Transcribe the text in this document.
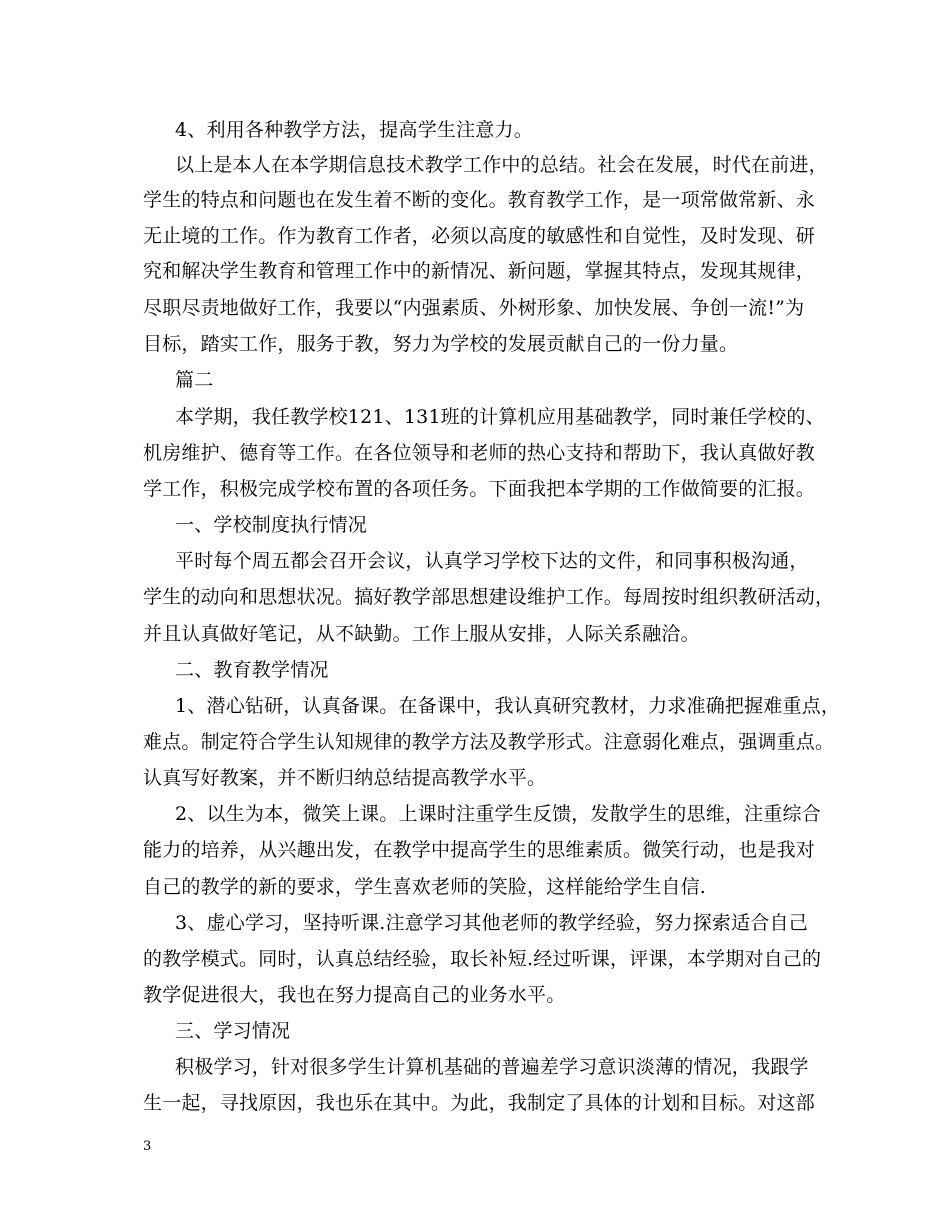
4、利用各种教学方法，提高学生注意力。
以上是本人在本学期信息技术教学工作中的总结。社会在发展，时代在前进，
学生的特点和问题也在发生着不断的变化。教育教学工作，是一项常做常新、永
无止境的工作。作为教育工作者，必须以高度的敏感性和自觉性，及时发现、研
究和解决学生教育和管理工作中的新情况、新问题，掌握其特点，发现其规律，
尽职尽责地做好工作，我要以“内强素质、外树形象、加快发展、争创一流!”为
目标，踏实工作，服务于教，努力为学校的发展贡献自己的一份力量。
篇二
本学期，我任教学校121、131班的计算机应用基础教学，同时兼任学校的、
机房维护、德育等工作。在各位领导和老师的热心支持和帮助下，我认真做好教
学工作，积极完成学校布置的各项任务。下面我把本学期的工作做简要的汇报。
一、学校制度执行情况
平时每个周五都会召开会议，认真学习学校下达的文件，和同事积极沟通，
学生的动向和思想状况。搞好教学部思想建设维护工作。每周按时组织教研活动，
并且认真做好笔记，从不缺勤。工作上服从安排，人际关系融洽。
二、教育教学情况
1、潜心钻研，认真备课。在备课中，我认真研究教材，力求准确把握难重点，
难点。制定符合学生认知规律的教学方法及教学形式。注意弱化难点，强调重点。
认真写好教案，并不断归纳总结提高教学水平。
2、以生为本，微笑上课。上课时注重学生反馈，发散学生的思维，注重综合
能力的培养，从兴趣出发，在教学中提高学生的思维素质。微笑行动，也是我对
自己的教学的新的要求，学生喜欢老师的笑脸，这样能给学生自信.
3、虚心学习，坚持听课.注意学习其他老师的教学经验，努力探索适合自己
的教学模式。同时，认真总结经验，取长补短.经过听课，评课，本学期对自己的
教学促进很大，我也在努力提高自己的业务水平。
三、学习情况
积极学习，针对很多学生计算机基础的普遍差学习意识淡薄的情况，我跟学
生一起，寻找原因，我也乐在其中。为此，我制定了具体的计划和目标。对这部
3
